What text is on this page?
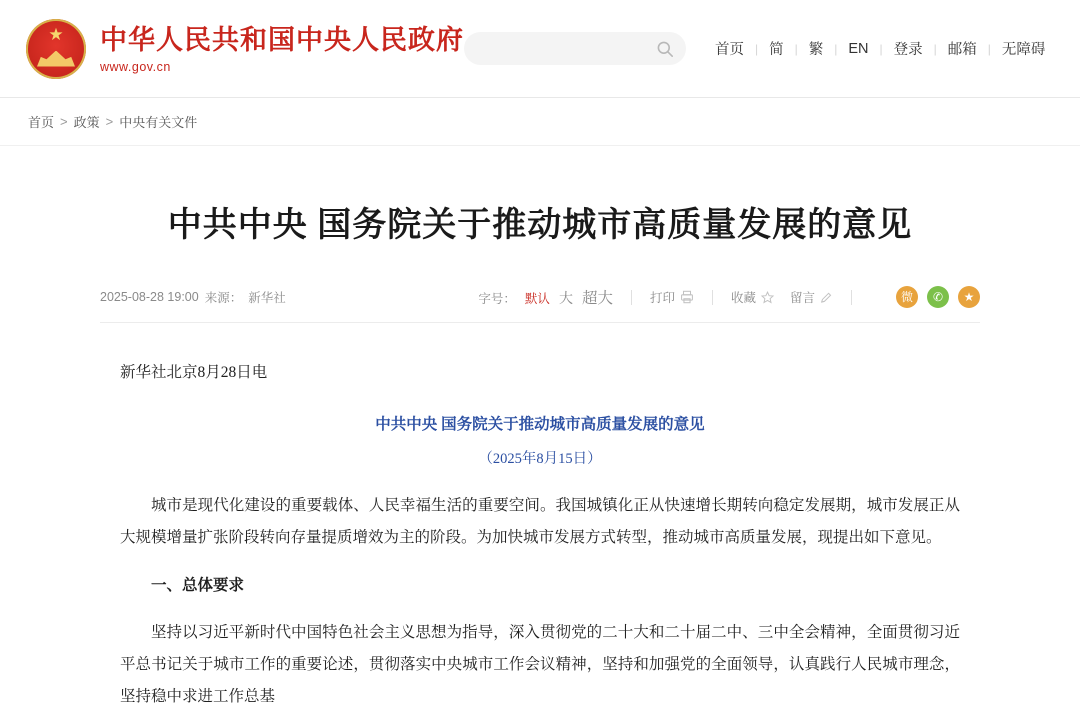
★
中华人民共和国中央人民政府
www.gov.cn
首页 | 简 | 繁 | EN | 登录 | 邮箱 | 无障碍
首页 > 政策 > 中央有关文件
中共中央 国务院关于推动城市高质量发展的意见
2025-08-28 19:00 来源： 新华社	字号： 默认 大 超大	打印	收藏	留言	微	✆	★
新华社北京8月28日电
中共中央 国务院关于推动城市高质量发展的意见
（2025年8月15日）

城市是现代化建设的重要载体、人民幸福生活的重要空间。我国城镇化正从快速增长期转向稳定发展期，城市发展正从大规模增量扩张阶段转向存量提质增效为主的阶段。为加快城市发展方式转型，推动城市高质量发展，现提出如下意见。

一、总体要求

坚持以习近平新时代中国特色社会主义思想为指导，深入贯彻党的二十大和二十届二中、三中全会精神，全面贯彻习近平总书记关于城市工作的重要论述，贯彻落实中央城市工作会议精神，坚持和加强党的全面领导，认真践行人民城市理念，坚持稳中求进工作总基
